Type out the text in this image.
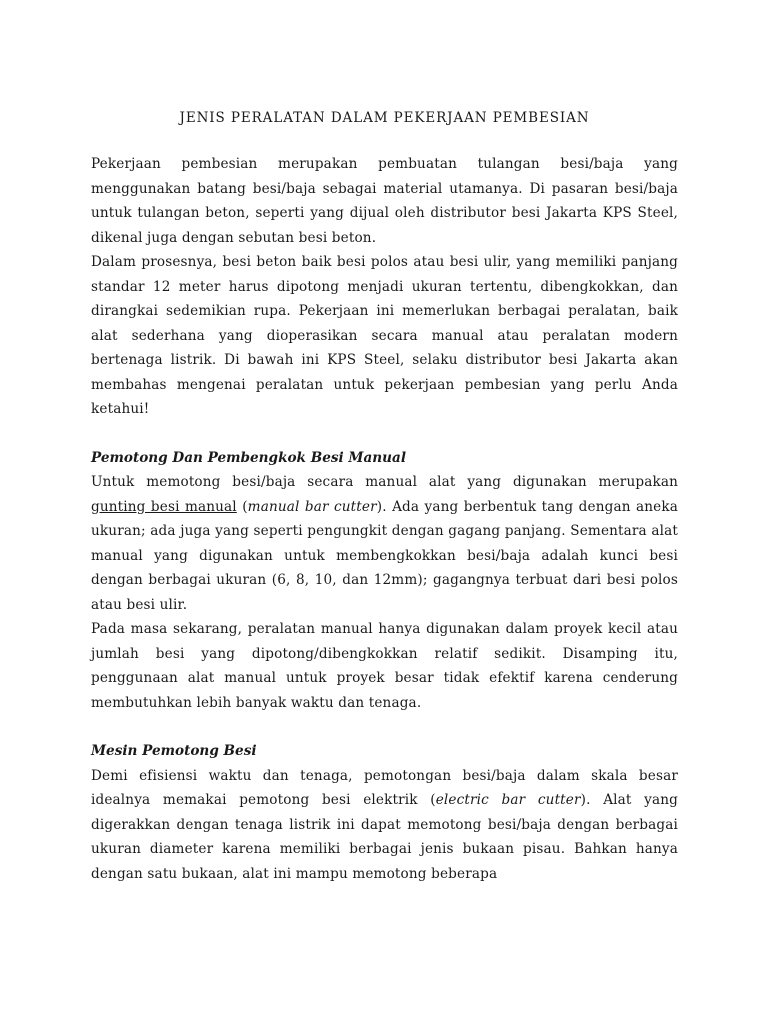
JENIS PERALATAN DALAM PEKERJAAN PEMBESIAN

Pekerjaan pembesian merupakan pembuatan tulangan besi/baja yang menggunakan batang besi/baja sebagai material utamanya. Di pasaran besi/baja untuk tulangan beton, seperti yang dijual oleh distributor besi Jakarta KPS Steel, dikenal juga dengan sebutan besi beton.

Dalam prosesnya, besi beton baik besi polos atau besi ulir, yang memiliki panjang standar 12 meter harus dipotong menjadi ukuran tertentu, dibengkokkan, dan dirangkai sedemikian rupa. Pekerjaan ini memerlukan berbagai peralatan, baik alat sederhana yang dioperasikan secara manual atau peralatan modern bertenaga listrik. Di bawah ini KPS Steel, selaku distributor besi Jakarta akan membahas mengenai peralatan untuk pekerjaan pembesian yang perlu Anda ketahui!

Pemotong Dan Pembengkok Besi Manual

Untuk memotong besi/baja secara manual alat yang digunakan merupakan gunting besi manual (manual bar cutter). Ada yang berbentuk tang dengan aneka ukuran; ada juga yang seperti pengungkit dengan gagang panjang. Sementara alat manual yang digunakan untuk membengkokkan besi/baja adalah kunci besi dengan berbagai ukuran (6, 8, 10, dan 12mm); gagangnya terbuat dari besi polos atau besi ulir.

Pada masa sekarang, peralatan manual hanya digunakan dalam proyek kecil atau jumlah besi yang dipotong/dibengkokkan relatif sedikit. Disamping itu, penggunaan alat manual untuk proyek besar tidak efektif karena cenderung membutuhkan lebih banyak waktu dan tenaga.

Mesin Pemotong Besi

Demi efisiensi waktu dan tenaga, pemotongan besi/baja dalam skala besar idealnya memakai pemotong besi elektrik (electric bar cutter). Alat yang digerakkan dengan tenaga listrik ini dapat memotong besi/baja dengan berbagai ukuran diameter karena memiliki berbagai jenis bukaan pisau. Bahkan hanya dengan satu bukaan, alat ini mampu memotong beberapa
